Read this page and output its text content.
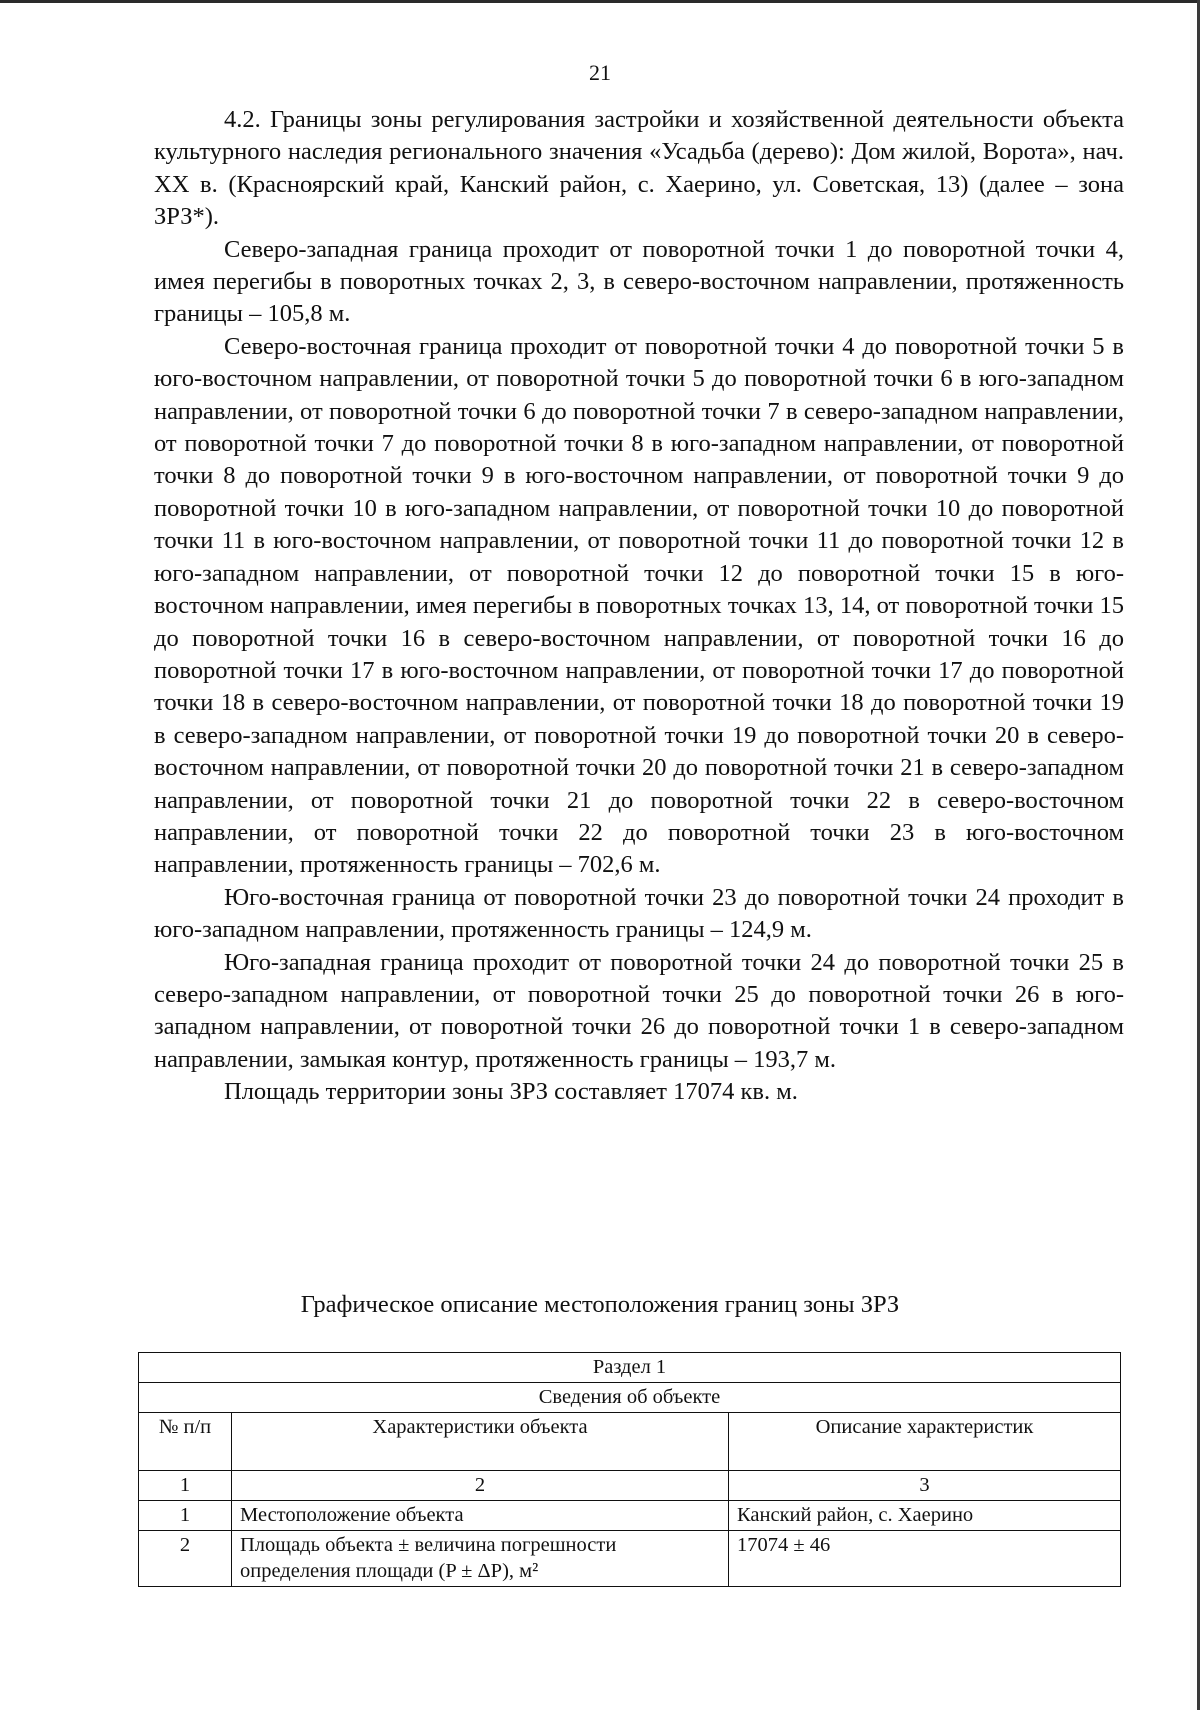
21

4.2. Границы зоны регулирования застройки и хозяйственной деятельности объекта культурного наследия регионального значения «Усадьба (дерево): Дом жилой, Ворота», нач. XX в. (Красноярский край, Канский район, с. Хаерино, ул. Советская, 13) (далее – зона ЗРЗ*).

Северо-западная граница проходит от поворотной точки 1 до поворотной точки 4, имея перегибы в поворотных точках 2, 3, в северо-восточном направлении, протяженность границы – 105,8 м.

Северо-восточная граница проходит от поворотной точки 4 до поворотной точки 5 в юго-восточном направлении, от поворотной точки 5 до поворотной точки 6 в юго-западном направлении, от поворотной точки 6 до поворотной точки 7 в северо-западном направлении, от поворотной точки 7 до поворотной точки 8 в юго-западном направлении, от поворотной точки 8 до поворотной точки 9 в юго-восточном направлении, от поворотной точки 9 до поворотной точки 10 в юго-западном направлении, от поворотной точки 10 до поворотной точки 11 в юго-восточном направлении, от поворотной точки 11 до поворотной точки 12 в юго-западном направлении, от поворотной точки 12 до поворотной точки 15 в юго-восточном направлении, имея перегибы в поворотных точках 13, 14, от поворотной точки 15 до поворотной точки 16 в северо-восточном направлении, от поворотной точки 16 до поворотной точки 17 в юго-восточном направлении, от поворотной точки 17 до поворотной точки 18 в северо-восточном направлении, от поворотной точки 18 до поворотной точки 19 в северо-западном направлении, от поворотной точки 19 до поворотной точки 20 в северо-восточном направлении, от поворотной точки 20 до поворотной точки 21 в северо-западном направлении, от поворотной точки 21 до поворотной точки 22 в северо-восточном направлении, от поворотной точки 22 до поворотной точки 23 в юго-восточном направлении, протяженность границы – 702,6 м.

Юго-восточная граница от поворотной точки 23 до поворотной точки 24 проходит в юго-западном направлении, протяженность границы – 124,9 м.

Юго-западная граница проходит от поворотной точки 24 до поворотной точки 25 в северо-западном направлении, от поворотной точки 25 до поворотной точки 26 в юго-западном направлении, от поворотной точки 26 до поворотной точки 1 в северо-западном направлении, замыкая контур, протяженность границы – 193,7 м.

Площадь территории зоны ЗРЗ составляет 17074 кв. м.

Графическое описание местоположения границ зоны ЗРЗ
Раздел 1		
Сведения об объекте		
№ п/п	Характеристики объекта	Описание характеристик
1	2	3
1	Местоположение объекта	Канский район, с. Хаерино
2	Площадь объекта ± величина погрешности определения площади (P ± ΔP), м²	17074 ± 46
